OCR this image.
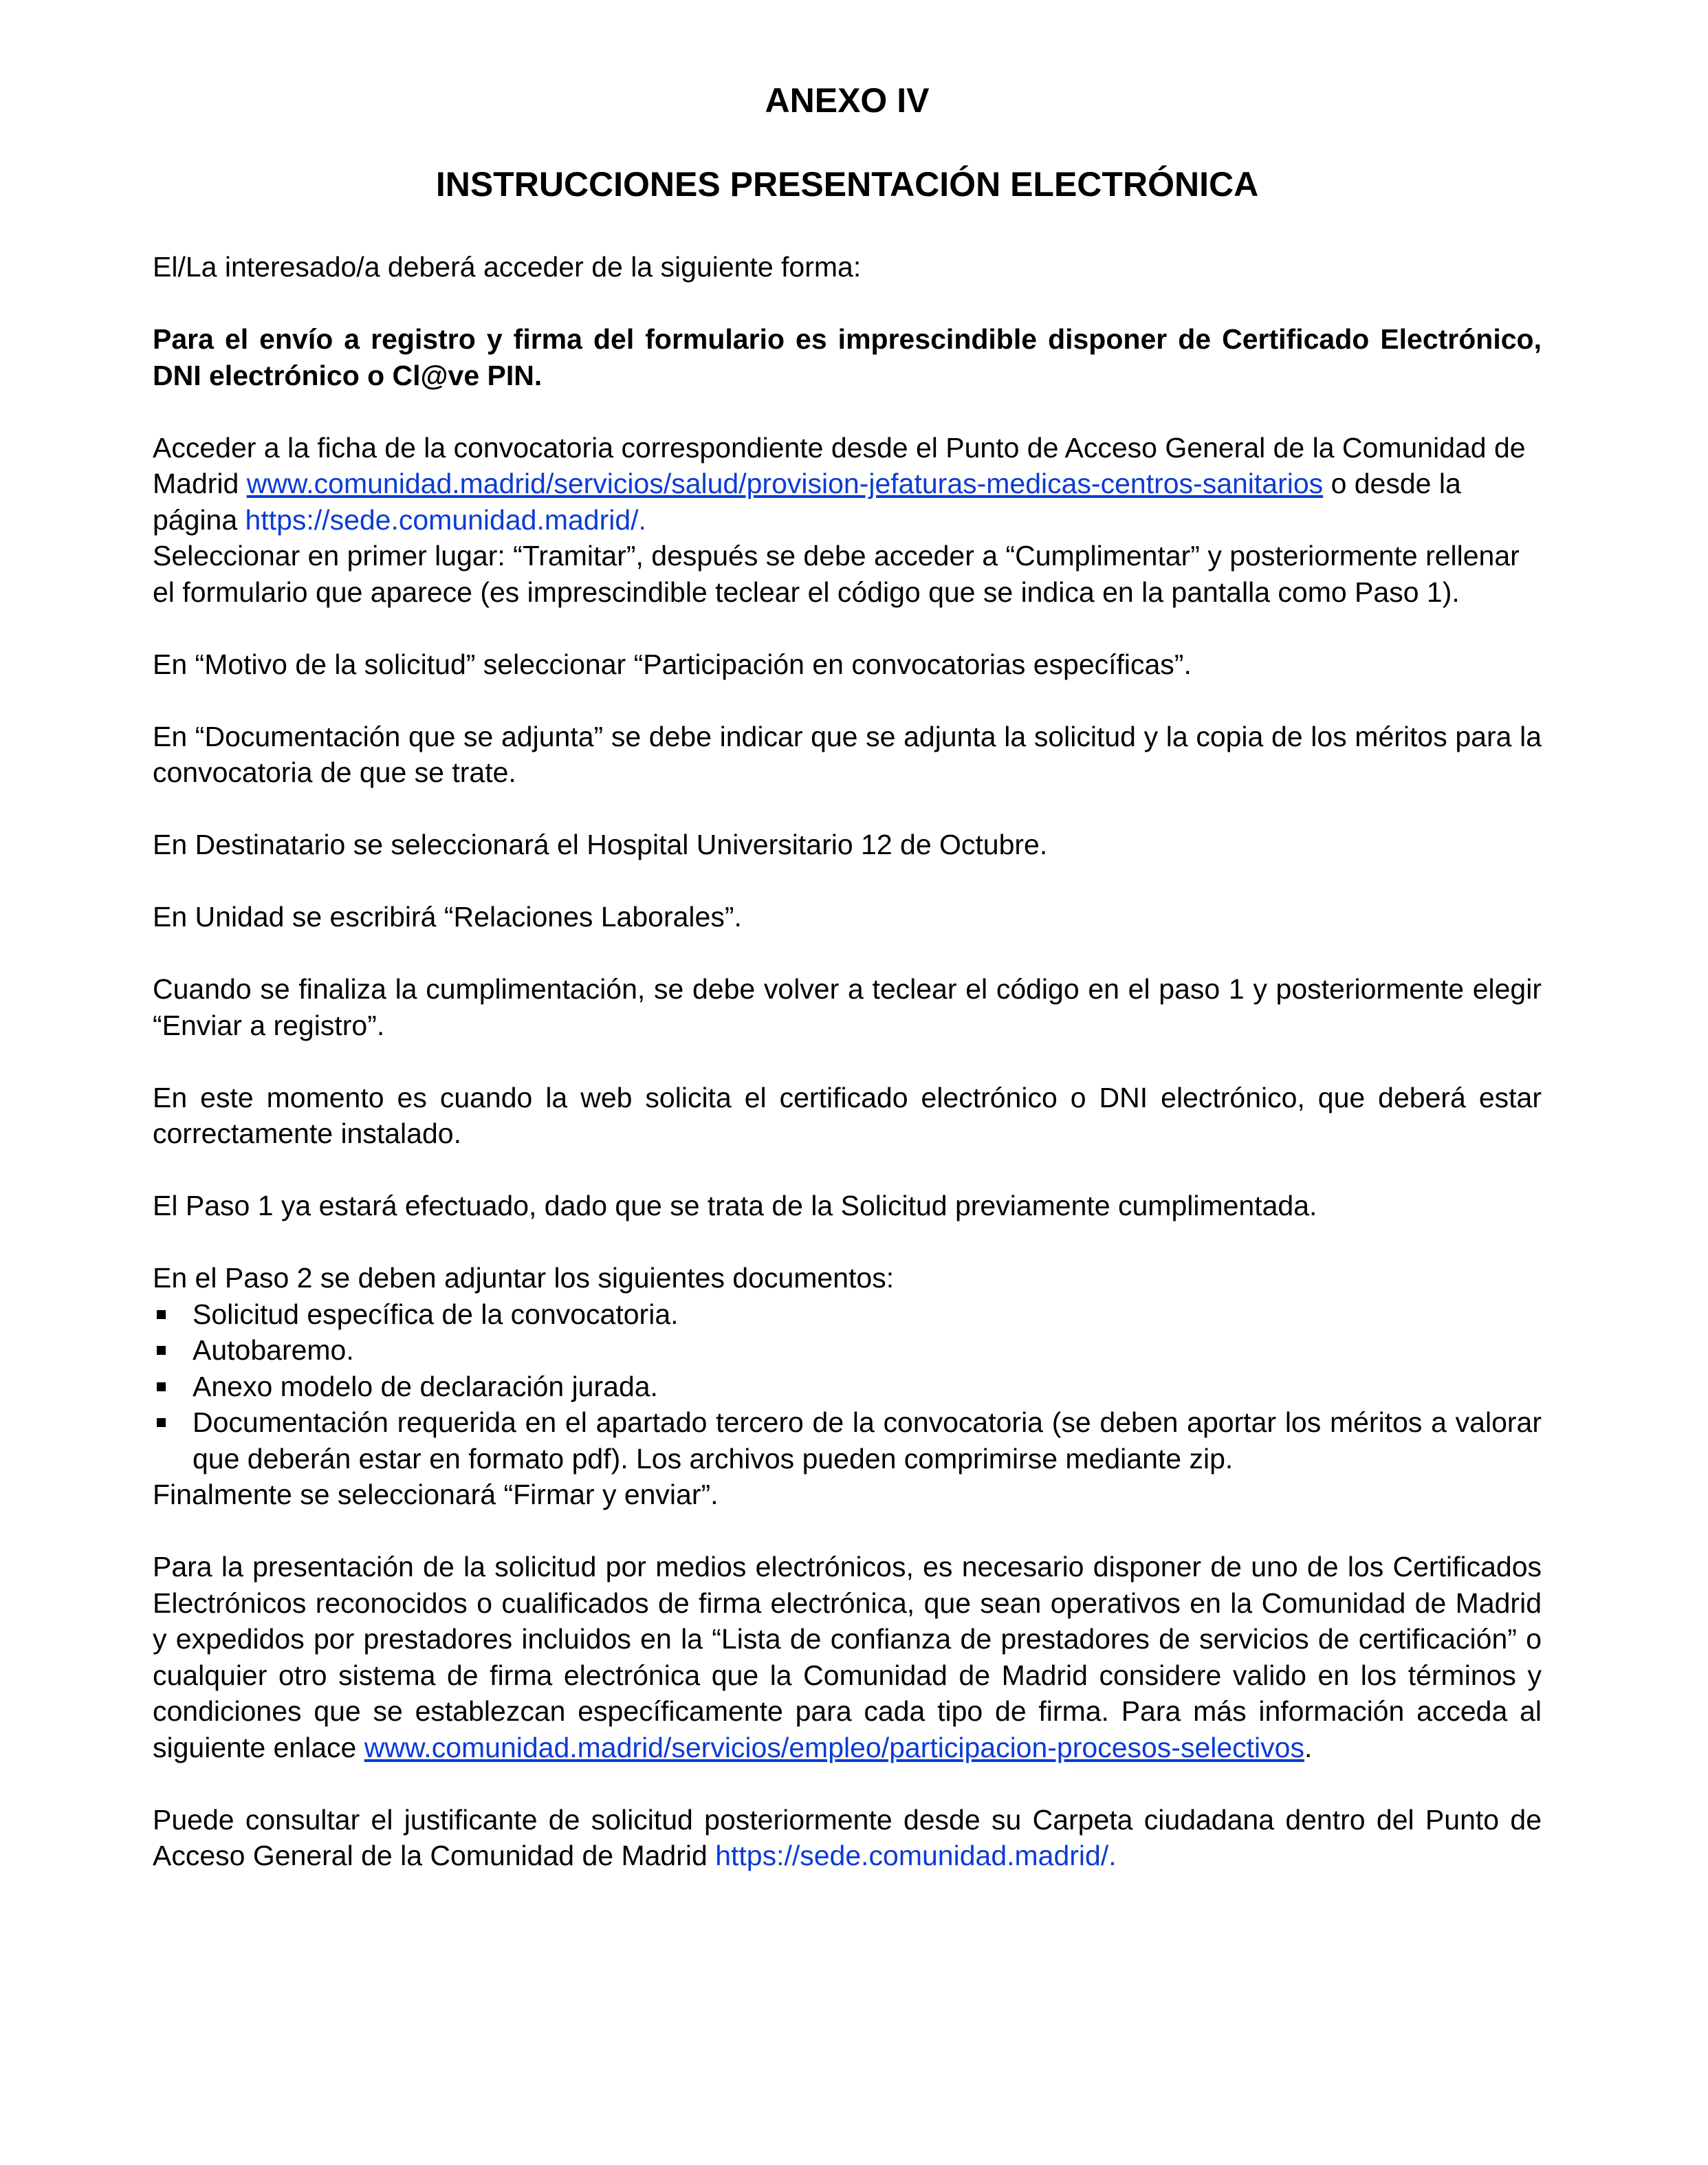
ANEXO IV
INSTRUCCIONES PRESENTACIÓN ELECTRÓNICA

El/La interesado/a deberá acceder de la siguiente forma:

Para el envío a registro y firma del formulario es imprescindible disponer de Certificado Electrónico, DNI electrónico o Cl@ve PIN.

Acceder a la ficha de la convocatoria correspondiente desde el Punto de Acceso General de la Comunidad de Madrid www.comunidad.madrid/servicios/salud/provision-jefaturas-medicas-centros-sanitarios o desde la página https://sede.comunidad.madrid/.

Seleccionar en primer lugar: “Tramitar”, después se debe acceder a “Cumplimentar” y posteriormente rellenar el formulario que aparece (es imprescindible teclear el código que se indica en la pantalla como Paso 1).

En “Motivo de la solicitud” seleccionar “Participación en convocatorias específicas”.

En “Documentación que se adjunta” se debe indicar que se adjunta la solicitud y la copia de los méritos para la convocatoria de que se trate.

En Destinatario se seleccionará el Hospital Universitario 12 de Octubre.

En Unidad se escribirá “Relaciones Laborales”.

Cuando se finaliza la cumplimentación, se debe volver a teclear el código en el paso 1 y posteriormente elegir “Enviar a registro”.

En este momento es cuando la web solicita el certificado electrónico o DNI electrónico, que deberá estar correctamente instalado.

El Paso 1 ya estará efectuado, dado que se trata de la Solicitud previamente cumplimentada.

En el Paso 2 se deben adjuntar los siguientes documentos:

Solicitud específica de la convocatoria.
Autobaremo.
Anexo modelo de declaración jurada.
Documentación requerida en el apartado tercero de la convocatoria (se deben aportar los méritos a valorar que deberán estar en formato pdf). Los archivos pueden comprimirse mediante zip.

Finalmente se seleccionará “Firmar y enviar”.

Para la presentación de la solicitud por medios electrónicos, es necesario disponer de uno de los Certificados Electrónicos reconocidos o cualificados de firma electrónica, que sean operativos en la Comunidad de Madrid y expedidos por prestadores incluidos en la “Lista de confianza de prestadores de servicios de certificación” o cualquier otro sistema de firma electrónica que la Comunidad de Madrid considere valido en los términos y condiciones que se establezcan específicamente para cada tipo de firma. Para más información acceda al siguiente enlace www.comunidad.madrid/servicios/empleo/participacion-procesos-selectivos.

Puede consultar el justificante de solicitud posteriormente desde su Carpeta ciudadana dentro del Punto de Acceso General de la Comunidad de Madrid https://sede.comunidad.madrid/.
